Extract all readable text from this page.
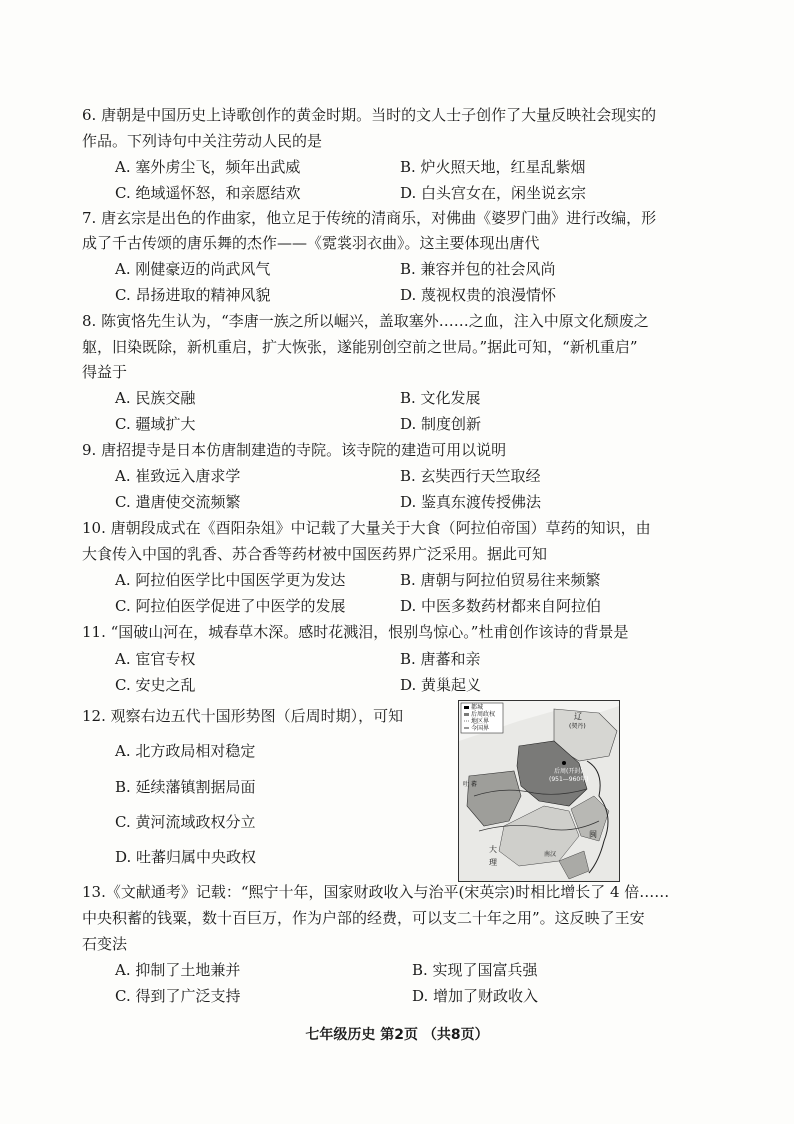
6. 唐朝是中国历史上诗歌创作的黄金时期。当时的文人士子创作了大量反映社会现实的
作品。下列诗句中关注劳动人民的是
A. 塞外虏尘飞，频年出武威	B. 炉火照天地，红星乱紫烟
C. 绝域遥怀怒，和亲愿结欢	D. 白头宫女在，闲坐说玄宗
7. 唐玄宗是出色的作曲家，他立足于传统的清商乐，对佛曲《婆罗门曲》进行改编，形
成了千古传颂的唐乐舞的杰作——《霓裳羽衣曲》。这主要体现出唐代
A. 刚健豪迈的尚武风气	B. 兼容并包的社会风尚
C. 昂扬进取的精神风貌	D. 蔑视权贵的浪漫情怀
8. 陈寅恪先生认为，“李唐一族之所以崛兴，盖取塞外……之血，注入中原文化颓废之
躯，旧染既除，新机重启，扩大恢张，遂能别创空前之世局。”据此可知，“新机重启”
得益于
A. 民族交融	B. 文化发展
C. 疆域扩大	D. 制度创新
9. 唐招提寺是日本仿唐制建造的寺院。该寺院的建造可用以说明
A. 崔致远入唐求学	B. 玄奘西行天竺取经
C. 遣唐使交流频繁	D. 鉴真东渡传授佛法
10. 唐朝段成式在《酉阳杂俎》中记载了大量关于大食（阿拉伯帝国）草药的知识，由
大食传入中国的乳香、苏合香等药材被中国医药界广泛采用。据此可知
A. 阿拉伯医学比中国医学更为发达	B. 唐朝与阿拉伯贸易往来频繁
C. 阿拉伯医学促进了中医学的发展	D. 中医多数药材都来自阿拉伯
11. “国破山河在，城春草木深。感时花溅泪，恨别鸟惊心。”杜甫创作该诗的背景是
A. 宦官专权	B. 唐蕃和亲
C. 安史之乱	D. 黄巢起义
12. 观察右边五代十国形势图（后周时期），可知
A. 北方政局相对稳定
B. 延续藩镇割据局面
C. 黄河流域政权分立
D. 吐蕃归属中央政权
都城
后周政权
地区界
今国界
辽
(契丹)
后周(开封)
(951—960年)
吐 蕃
南汉
大
理
闽
13.《文献通考》记载：“熙宁十年，国家财政收入与治平(宋英宗)时相比增长了 4 倍……
中央积蓄的钱粟，数十百巨万，作为户部的经费，可以支二十年之用”。这反映了王安
石变法
A. 抑制了土地兼并	B. 实现了国富兵强
C. 得到了广泛支持	D. 增加了财政收入
七年级历史 第2页 （共8页）
